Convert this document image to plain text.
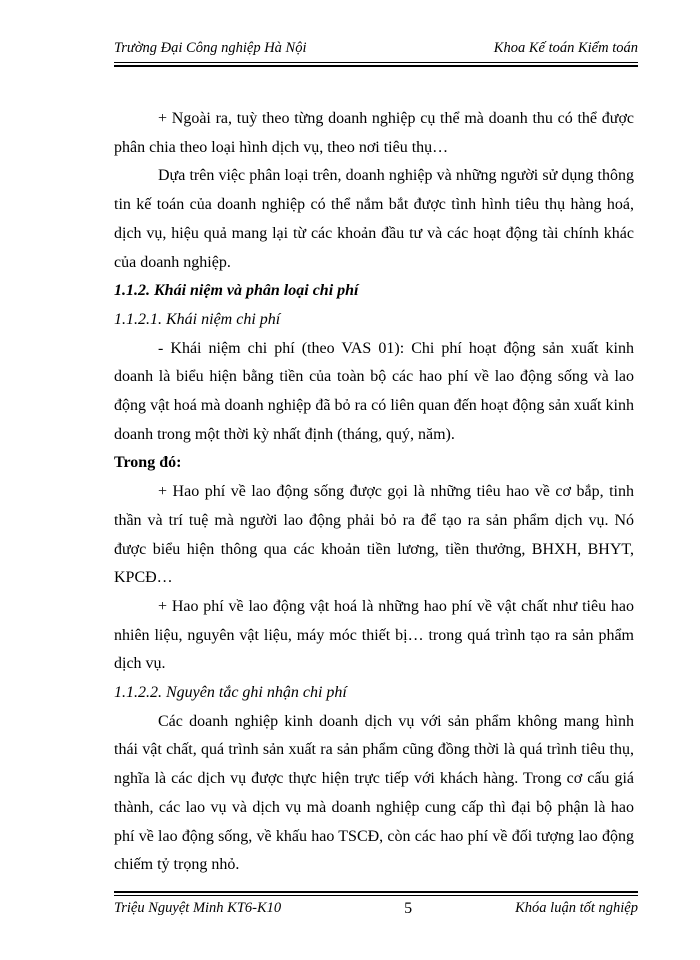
Trường Đại Công nghiệp Hà Nội	Khoa Kế toán Kiểm toán

+ Ngoài ra, tuỳ theo từng doanh nghiệp cụ thể mà doanh thu có thể được phân chia theo loại hình dịch vụ, theo nơi tiêu thụ…

Dựa trên việc phân loại trên, doanh nghiệp và những người sử dụng thông tin kế toán của doanh nghiệp có thể nắm bắt được tình hình tiêu thụ hàng hoá, dịch vụ, hiệu quả mang lại từ các khoản đầu tư và các hoạt động tài chính khác của doanh nghiệp.

1.1.2. Khái niệm và phân loại chi phí

1.1.2.1. Khái niệm chi phí

- Khái niệm chi phí (theo VAS 01): Chi phí hoạt động sản xuất kinh doanh là biểu hiện bằng tiền của toàn bộ các hao phí về lao động sống và lao động vật hoá mà doanh nghiệp đã bỏ ra có liên quan đến hoạt động sản xuất kinh doanh trong một thời kỳ nhất định (tháng, quý, năm).

Trong đó:

+ Hao phí về lao động sống được gọi là những tiêu hao về cơ bắp, tinh thần và trí tuệ mà người lao động phải bỏ ra để tạo ra sản phẩm dịch vụ. Nó được biểu hiện thông qua các khoản tiền lương, tiền thưởng, BHXH, BHYT, KPCĐ…

+ Hao phí về lao động vật hoá là những hao phí về vật chất như tiêu hao nhiên liệu, nguyên vật liệu, máy móc thiết bị… trong quá trình tạo ra sản phẩm dịch vụ.

1.1.2.2. Nguyên tắc ghi nhận chi phí

Các doanh nghiệp kinh doanh dịch vụ với sản phẩm không mang hình thái vật chất, quá trình sản xuất ra sản phẩm cũng đồng thời là quá trình tiêu thụ, nghĩa là các dịch vụ được thực hiện trực tiếp với khách hàng. Trong cơ cấu giá thành, các lao vụ và dịch vụ mà doanh nghiệp cung cấp thì đại bộ phận là hao phí về lao động sống, về khấu hao TSCĐ, còn các hao phí về đối tượng lao động chiếm tỷ trọng nhỏ.

Triệu Nguyệt Minh KT6-K10	5	Khóa luận tốt nghiệp
